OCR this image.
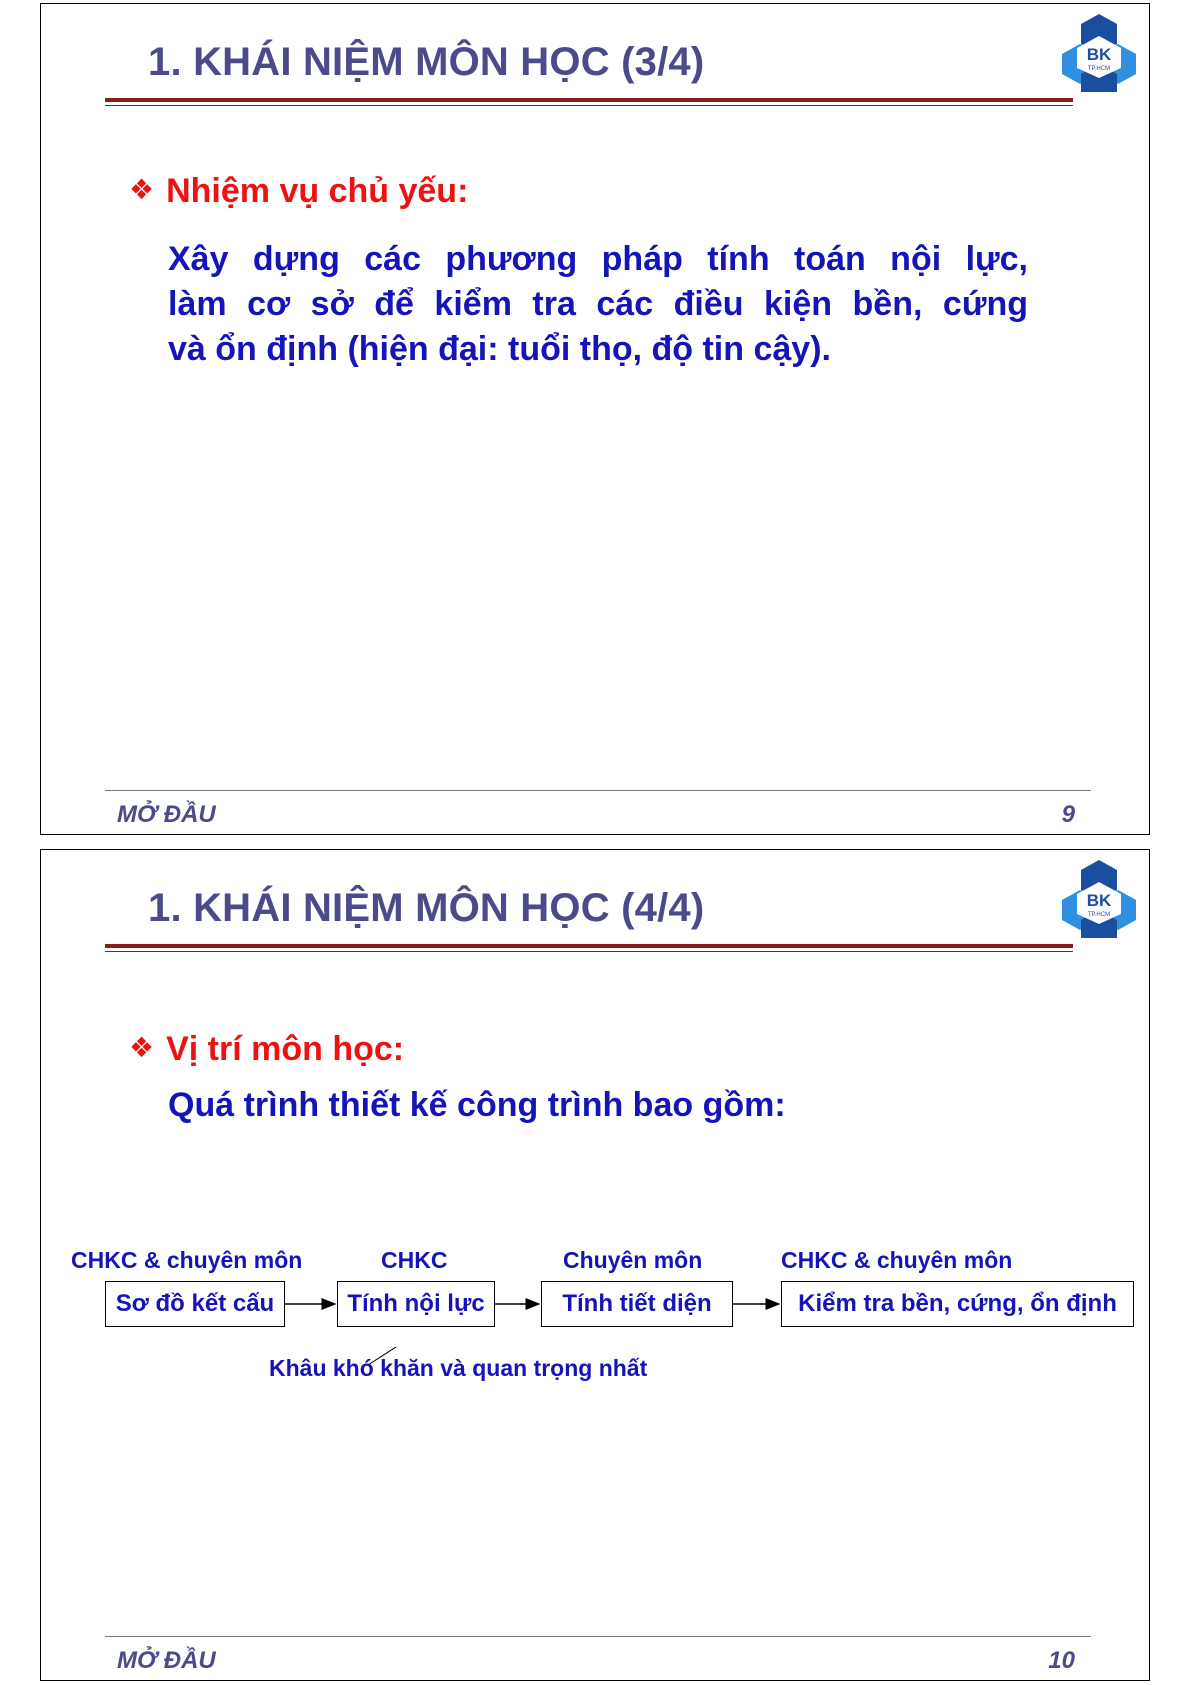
1. KHÁI NIỆM MÔN HỌC (3/4)	BK
TP.HCM
❖ Nhiệm vụ chủ yếu:
Xây dựng các phương pháp tính toán nội lực,
làm cơ sở để kiểm tra các điều kiện bền, cứng
và ổn định (hiện đại: tuổi thọ, độ tin cậy).
MỞ ĐẦU	9
1. KHÁI NIỆM MÔN HỌC (4/4)	BK
TP.HCM
❖ Vị trí môn học:
Quá trình thiết kế công trình bao gồm:
CHKC & chuyên môn	CHKC	Chuyên môn	CHKC & chuyên môn
Sơ đồ kết cấu	Tính nội lực	Tính tiết diện	Kiểm tra bền, cứng, ổn định
Khâu khó khăn và quan trọng nhất
MỞ ĐẦU	10
